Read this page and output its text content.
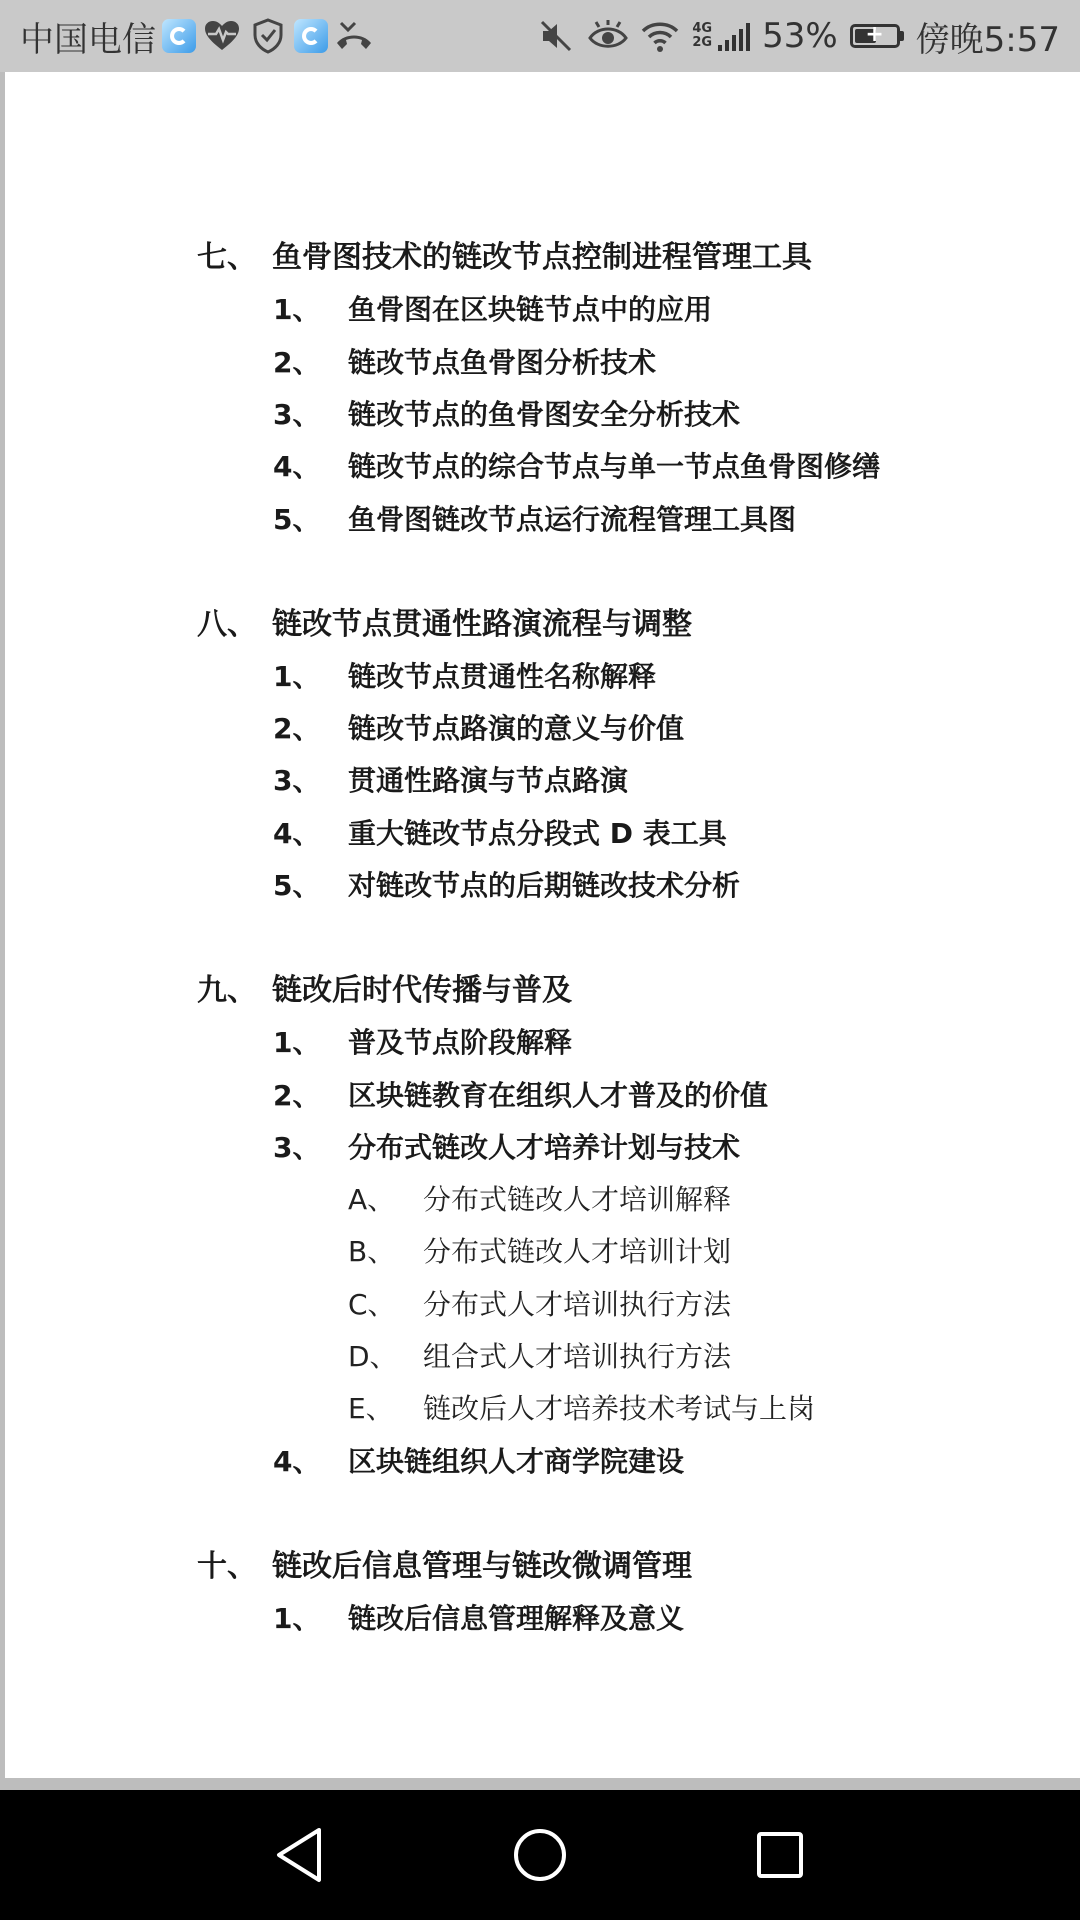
中国电信	4G
2G 53%	+ 傍晚5:57
七、 鱼骨图技术的链改节点控制进程管理工具
1、 鱼骨图在区块链节点中的应用
2、 链改节点鱼骨图分析技术
3、 链改节点的鱼骨图安全分析技术
4、 链改节点的综合节点与单一节点鱼骨图修缮
5、 鱼骨图链改节点运行流程管理工具图
八、 链改节点贯通性路演流程与调整
1、 链改节点贯通性名称解释
2、 链改节点路演的意义与价值
3、 贯通性路演与节点路演
4、 重大链改节点分段式 D 表工具
5、 对链改节点的后期链改技术分析
九、 链改后时代传播与普及
1、 普及节点阶段解释
2、 区块链教育在组织人才普及的价值
3、 分布式链改人才培养计划与技术
A、 分布式链改人才培训解释
B、 分布式链改人才培训计划
C、 分布式人才培训执行方法
D、 组合式人才培训执行方法
E、 链改后人才培养技术考试与上岗
4、 区块链组织人才商学院建设
十、 链改后信息管理与链改微调管理
1、 链改后信息管理解释及意义
